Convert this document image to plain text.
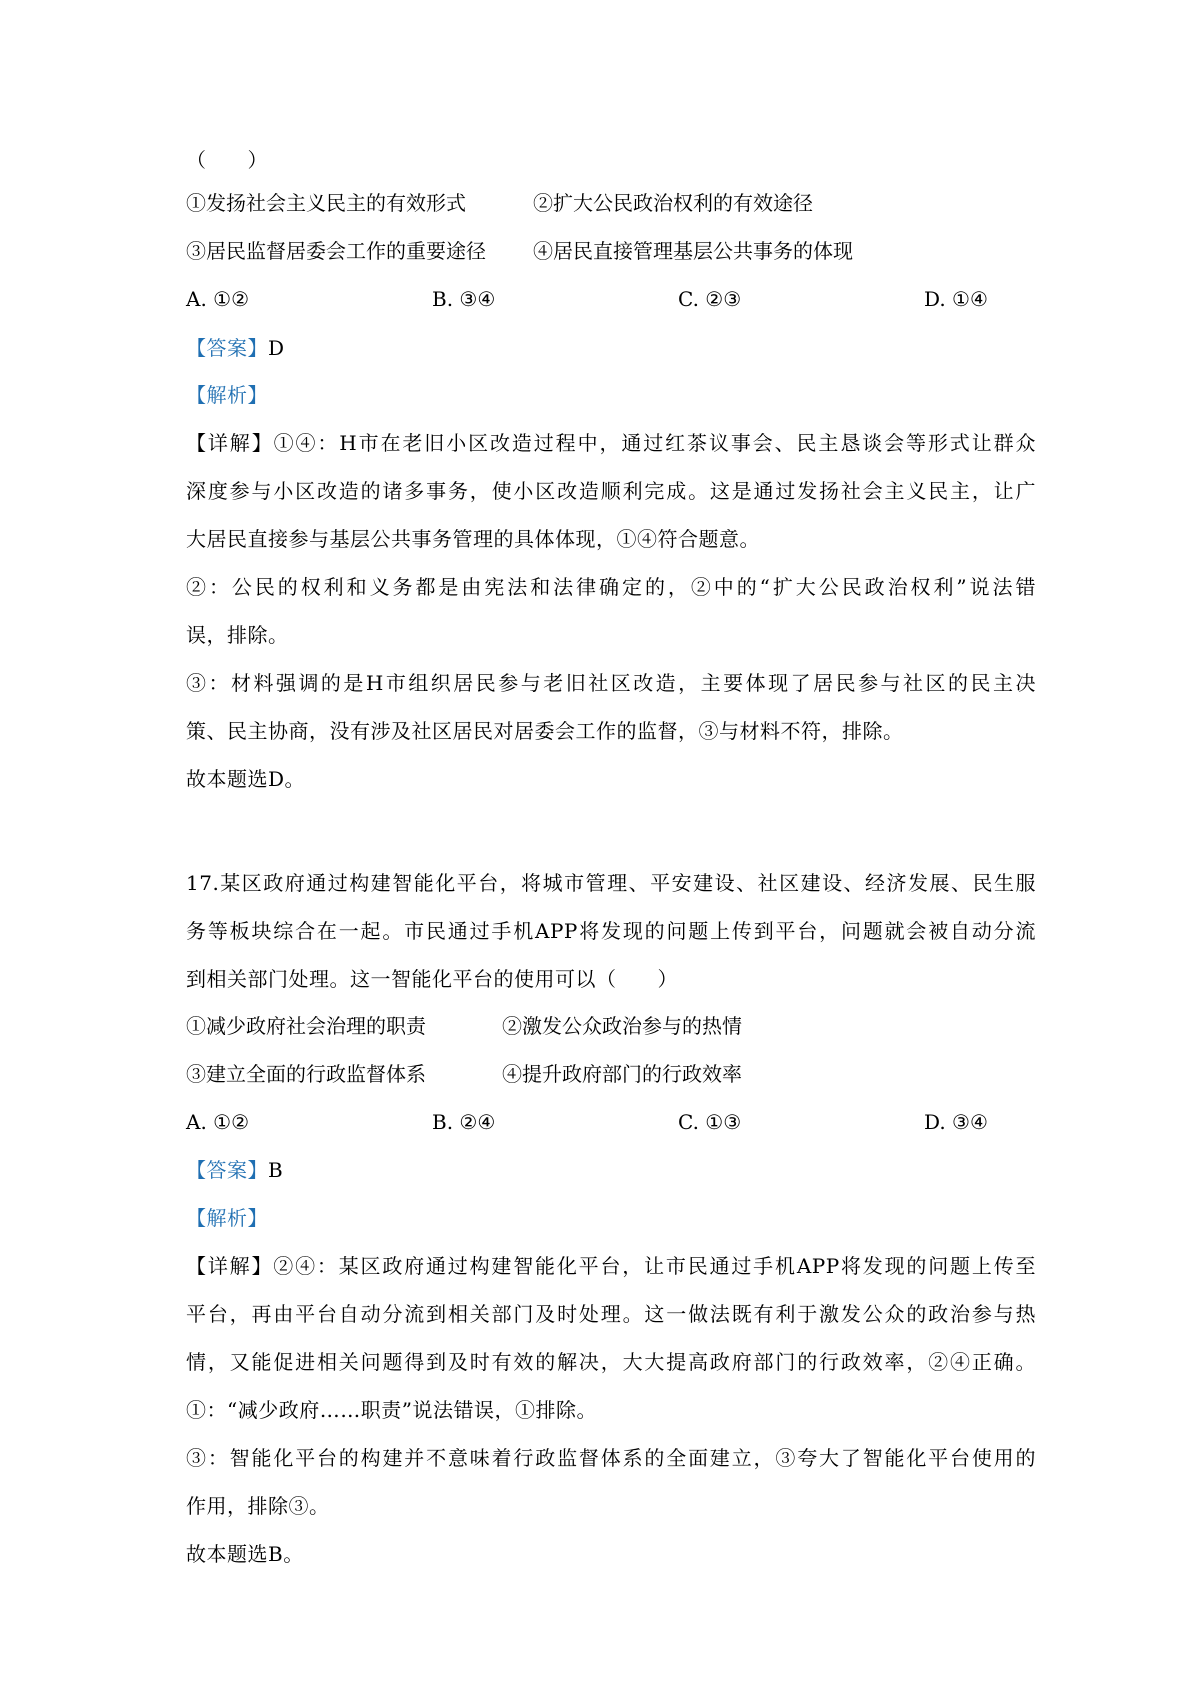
（　　）
①发扬社会主义民主的有效形式	②扩大公民政治权利的有效途径
③居民监督居委会工作的重要途径 ④居民直接管理基层公共事务的体现
A. ①②	B. ③④	C. ②③	D. ①④
【答案】D
【解析】
【详解】①④：H市在老旧小区改造过程中，通过红茶议事会、民主恳谈会等形式让群众
深度参与小区改造的诸多事务，使小区改造顺利完成。这是通过发扬社会主义民主，让广
大居民直接参与基层公共事务管理的具体体现，①④符合题意。
②：公民的权利和义务都是由宪法和法律确定的，②中的“扩大公民政治权利”说法错
误，排除。
③：材料强调的是H市组织居民参与老旧社区改造，主要体现了居民参与社区的民主决
策、民主协商，没有涉及社区居民对居委会工作的监督，③与材料不符，排除。
故本题选D。
17.某区政府通过构建智能化平台，将城市管理、平安建设、社区建设、经济发展、民生服
务等板块综合在一起。市民通过手机APP将发现的问题上传到平台，问题就会被自动分流
到相关部门处理。这一智能化平台的使用可以（　　）
①减少政府社会治理的职责	②激发公众政治参与的热情
③建立全面的行政监督体系	④提升政府部门的行政效率
A. ①②	B. ②④	C. ①③	D. ③④
【答案】B
【解析】
【详解】②④：某区政府通过构建智能化平台，让市民通过手机APP将发现的问题上传至
平台，再由平台自动分流到相关部门及时处理。这一做法既有利于激发公众的政治参与热
情，又能促进相关问题得到及时有效的解决，大大提高政府部门的行政效率，②④正确。
①：“减少政府……职责”说法错误，①排除。
③：智能化平台的构建并不意味着行政监督体系的全面建立，③夸大了智能化平台使用的
作用，排除③。
故本题选B。
